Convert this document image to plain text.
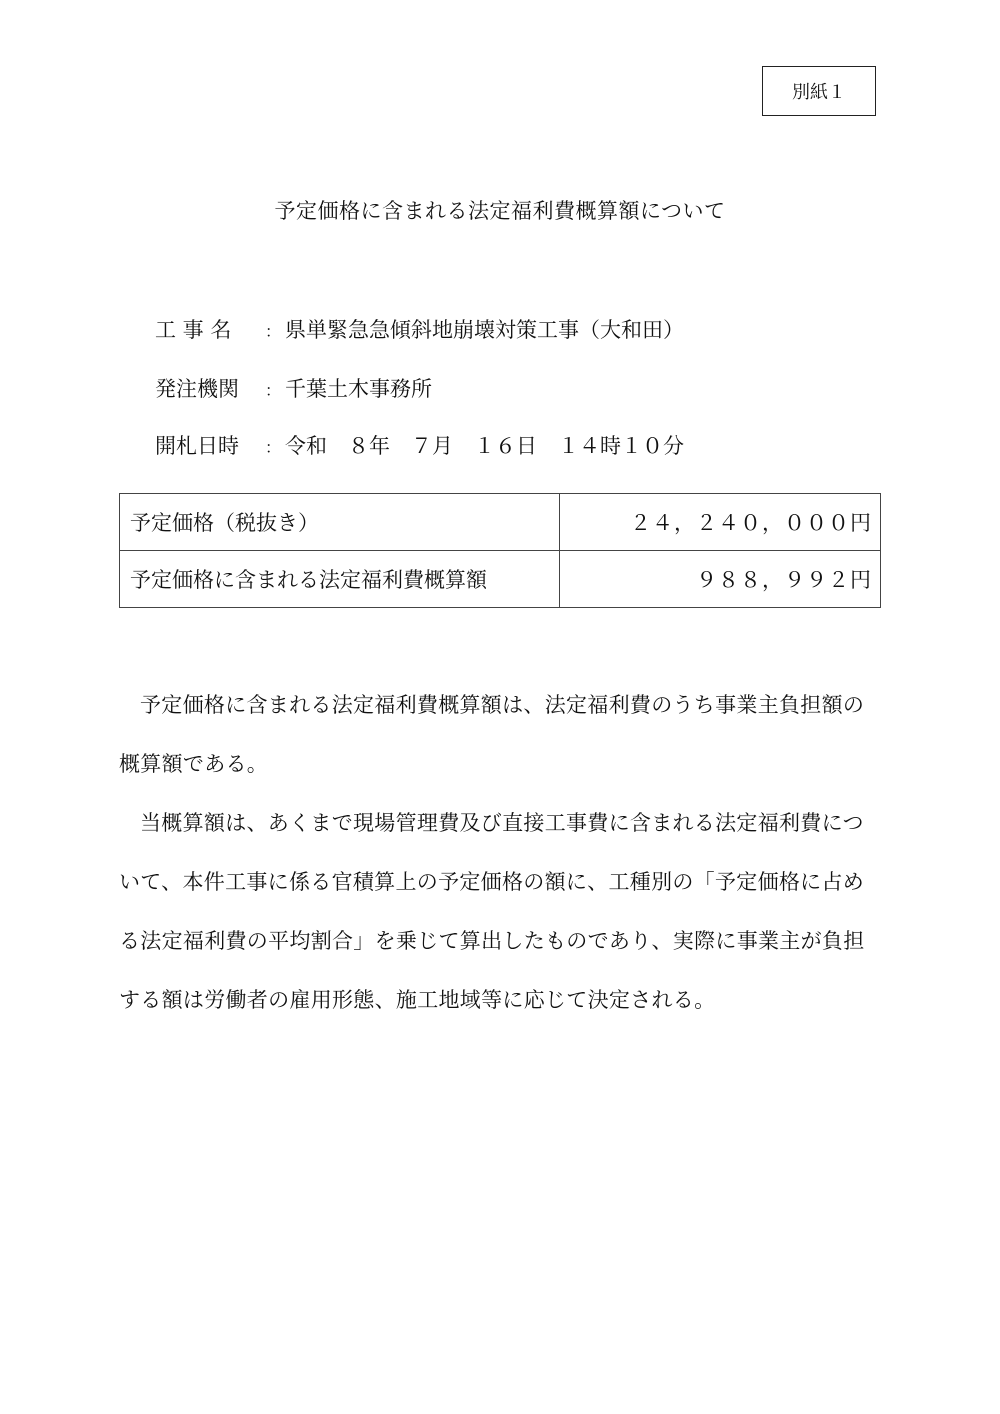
別紙１
予定価格に含まれる法定福利費概算額について
工 事 名	： 県単緊急急傾斜地崩壊対策工事（大和田）
発注機関	： 千葉土木事務所
開札日時	： 令和　８年　７月　１６日　１４時１０分
予定価格（税抜き）	２４，２４０，０００円
予定価格に含まれる法定福利費概算額	９８８，９９２円

予定価格に含まれる法定福利費概算額は、法定福利費のうち事業主負担額の概算額である。

当概算額は、あくまで現場管理費及び直接工事費に含まれる法定福利費について、本件工事に係る官積算上の予定価格の額に、工種別の「予定価格に占める法定福利費の平均割合」を乗じて算出したものであり、実際に事業主が負担する額は労働者の雇用形態、施工地域等に応じて決定される。
